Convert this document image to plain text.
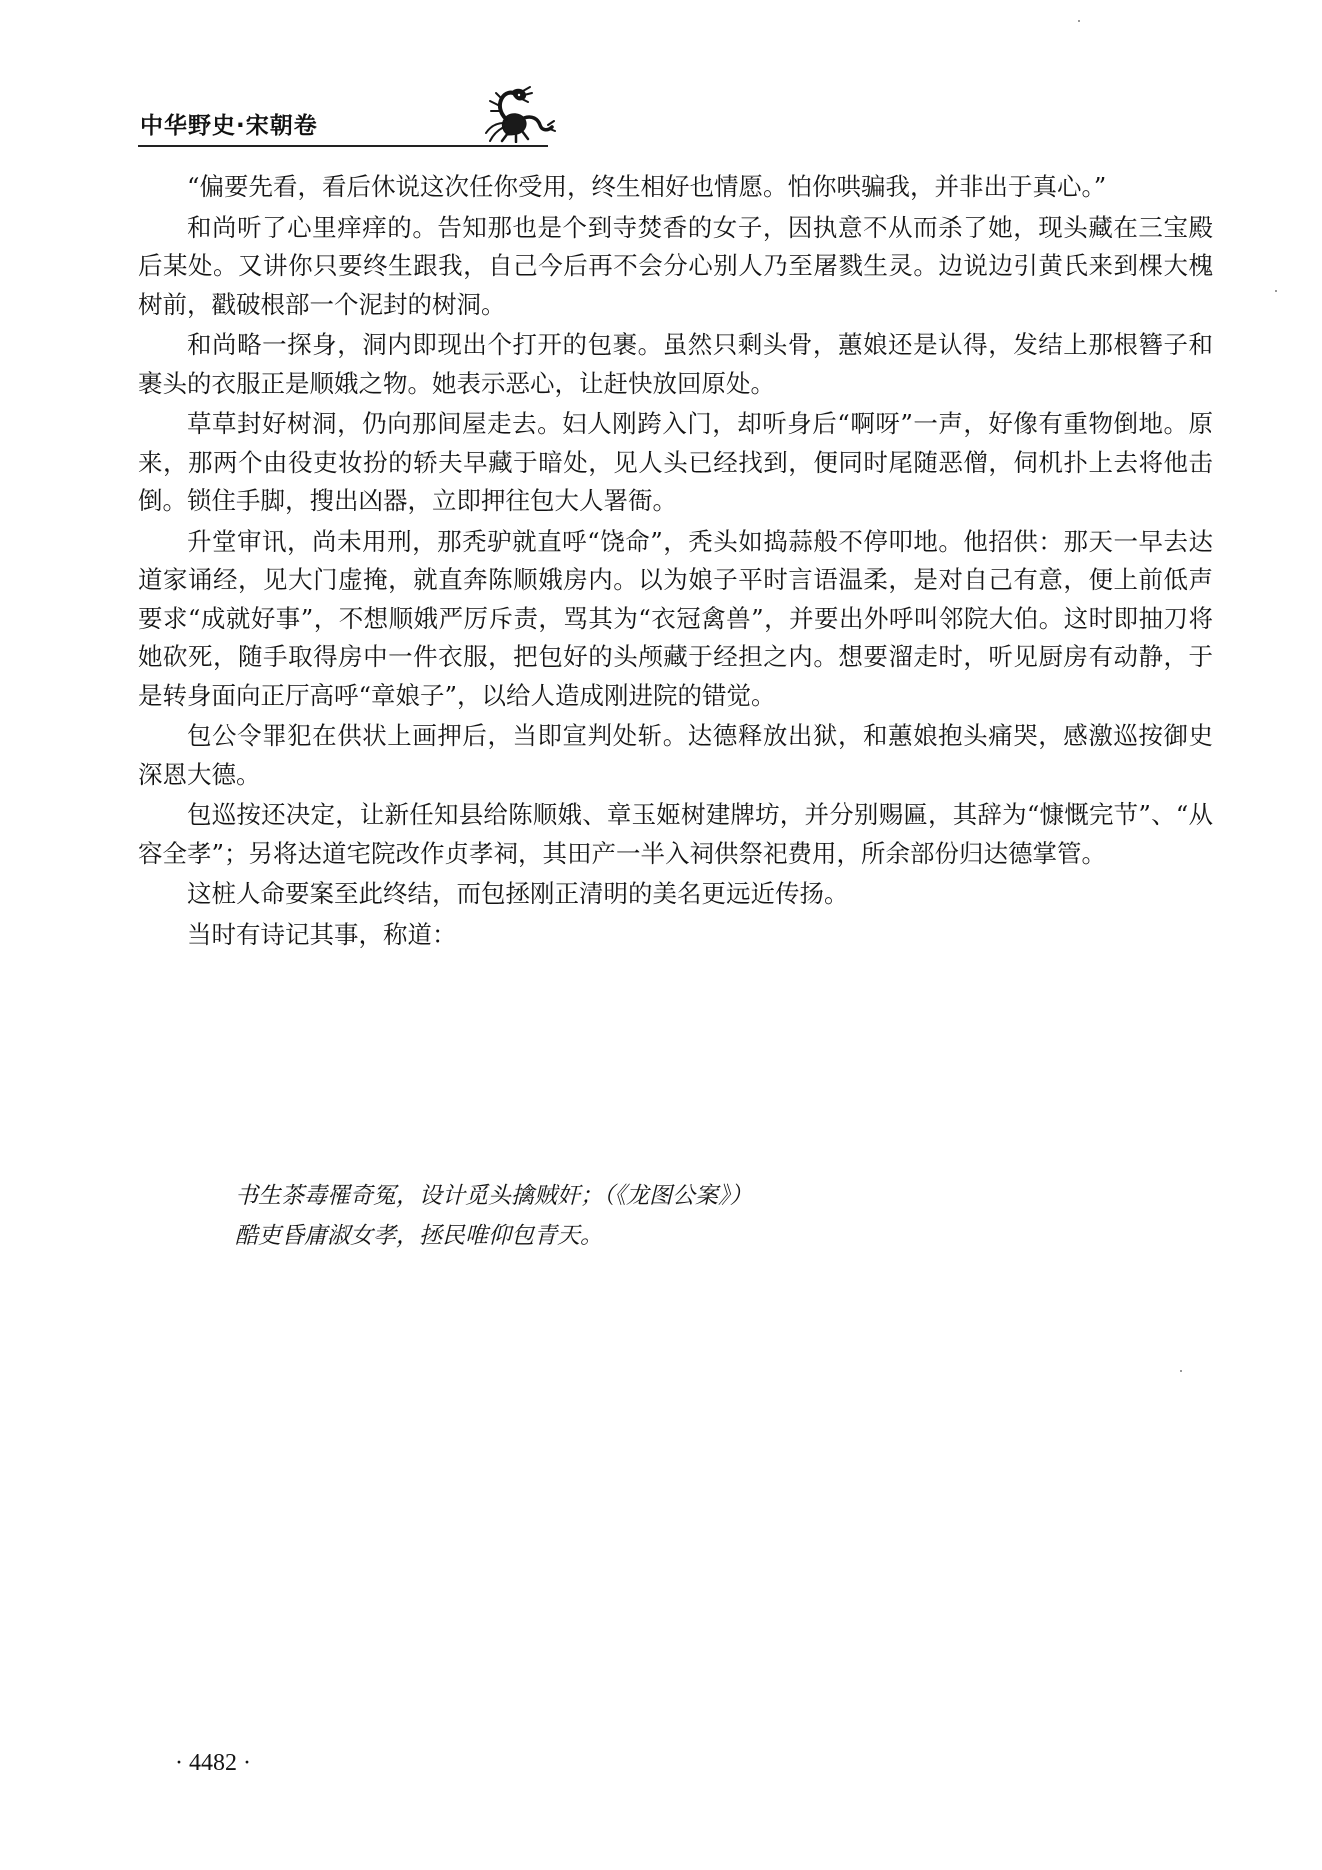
中华野史·宋朝卷

“偏要先看，看后休说这次任你受用，终生相好也情愿。怕你哄骗我，并非出于真心。”

和尚听了心里痒痒的。告知那也是个到寺焚香的女子，因执意不从而杀了她，现头藏在三宝殿后某处。又讲你只要终生跟我，自己今后再不会分心别人乃至屠戮生灵。边说边引黄氏来到棵大槐树前，戳破根部一个泥封的树洞。

和尚略一探身，洞内即现出个打开的包裹。虽然只剩头骨，蕙娘还是认得，发结上那根簪子和裹头的衣服正是顺娥之物。她表示恶心，让赶快放回原处。

草草封好树洞，仍向那间屋走去。妇人刚跨入门，却听身后“啊呀”一声，好像有重物倒地。原来，那两个由役吏妆扮的轿夫早藏于暗处，见人头已经找到，便同时尾随恶僧，伺机扑上去将他击倒。锁住手脚，搜出凶器，立即押往包大人署衙。

升堂审讯，尚未用刑，那秃驴就直呼“饶命”，秃头如捣蒜般不停叩地。他招供：那天一早去达道家诵经，见大门虚掩，就直奔陈顺娥房内。以为娘子平时言语温柔，是对自己有意，便上前低声要求“成就好事”，不想顺娥严厉斥责，骂其为“衣冠禽兽”，并要出外呼叫邻院大伯。这时即抽刀将她砍死，随手取得房中一件衣服，把包好的头颅藏于经担之内。想要溜走时，听见厨房有动静，于是转身面向正厅高呼“章娘子”，以给人造成刚进院的错觉。

包公令罪犯在供状上画押后，当即宣判处斩。达德释放出狱，和蕙娘抱头痛哭，感激巡按御史深恩大德。

包巡按还决定，让新任知县给陈顺娥、章玉姬树建牌坊，并分别赐匾，其辞为“慷慨完节”、“从容全孝”；另将达道宅院改作贞孝祠，其田产一半入祠供祭祀费用，所余部份归达德掌管。

这桩人命要案至此终结，而包拯刚正清明的美名更远近传扬。

当时有诗记其事，称道：

书生茶毒罹奇冤，设计觅头擒贼奸；（《龙图公案》）
酷吏昏庸淑女孝，拯民唯仰包青天。
· 4482 ·
